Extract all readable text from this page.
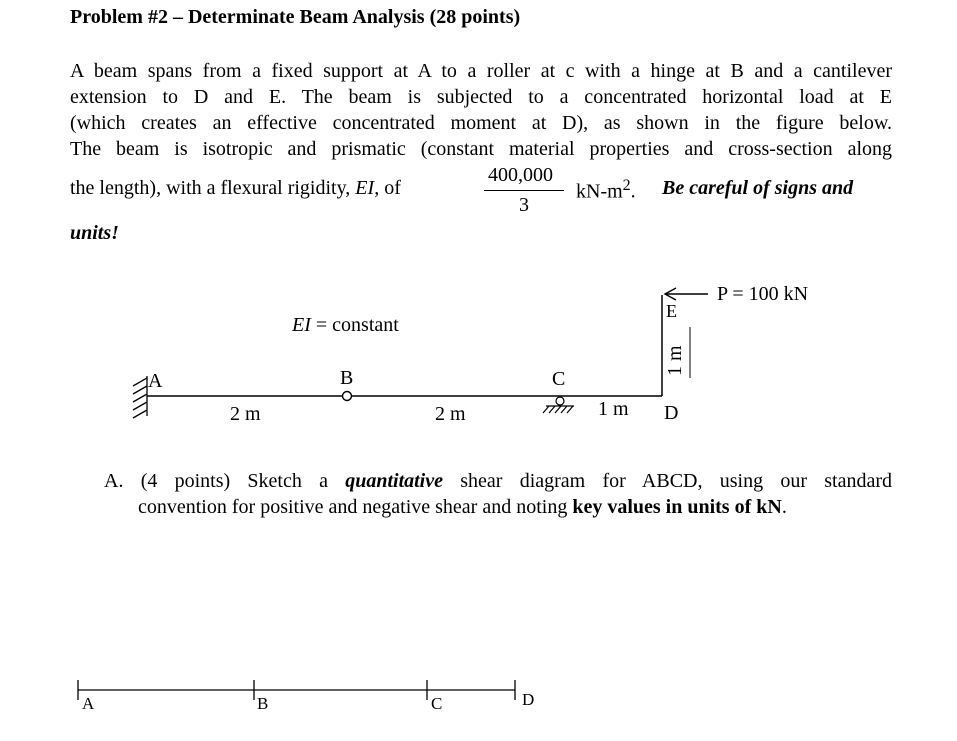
Problem #2 – Determinate Beam Analysis (28 points)
A beam spans from a fixed support at A to a roller at c with a hinge at B and a cantilever
extension to D and E. The beam is subjected to a concentrated horizontal load at E
(which creates an effective concentrated moment at D), as shown in the figure below.
The beam is isotropic and prismatic (constant material properties and cross-section along
the length), with a flexural rigidity, EI, of
400,000
3
$kN-m^2$. Be careful of signs and
units!
EI = constant
A	B	C
D
E
2 m	2 m	1 m
1 m
P = 100 kN
A. (4 points) Sketch a quantitative shear diagram for ABCD, using our standard
convention for positive and negative shear and noting key values in units of kN.
A	B	C	D
